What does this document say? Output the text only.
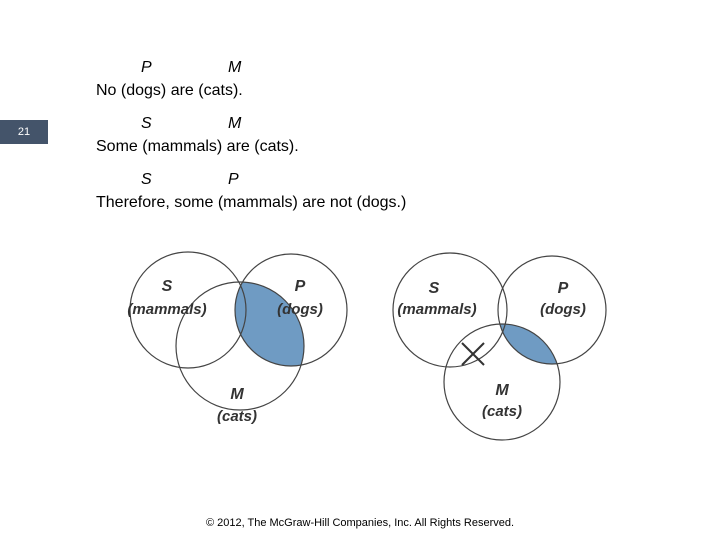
21
P	M
No (dogs) are (cats).
S	M
Some (mammals) are (cats).
S	P
Therefore, some (mammals) are not (dogs.)
S
(mammals)
P
(dogs)
M
(cats)
S
(mammals)
P
(dogs)
M
(cats)
© 2012, The McGraw-Hill Companies, Inc. All Rights Reserved.
